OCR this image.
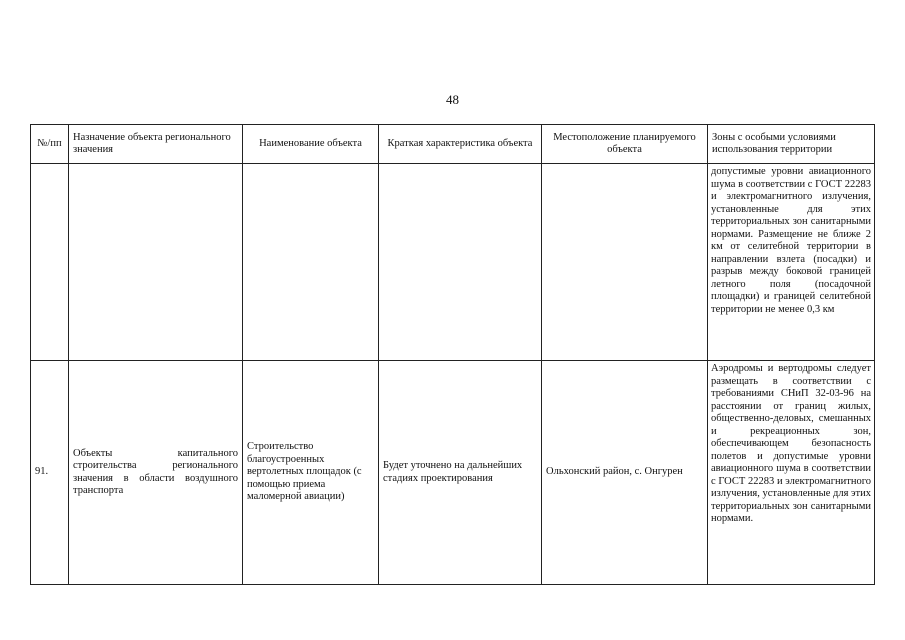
48
№/пп	Назначение объекта регионального значения	Наименование объекта	Краткая характеристика объекта	Местоположение планируемого объекта	Зоны с особыми условиями использования территории
					допустимые уровни авиационного шума в соответствии с ГОСТ 22283 и электромагнитного излучения, установленные для этих территориальных зон санитарными нормами. Размещение не ближе 2 км от селитебной территории в направлении взлета (посадки) и разрыв между боковой границей летного поля (посадочной площадки) и границей селитебной территории не менее 0,3 км
91.	Объекты капитального строительства регионального значения в области воздушного транспорта	Строительство благоустроенных вертолетных площадок (с помощью приема маломерной авиации)	Будет уточнено на дальнейших стадиях проектирования	Ольхонский район, с. Онгурен	Аэродромы и вертодромы следует размещать в соответствии с требованиями СНиП 32-03-96 на расстоянии от границ жилых, общественно-деловых, смешанных и рекреационных зон, обеспечивающем безопасность полетов и допустимые уровни авиационного шума в соответствии с ГОСТ 22283 и электромагнитного излучения, установленные для этих территориальных зон санитарными нормами.
